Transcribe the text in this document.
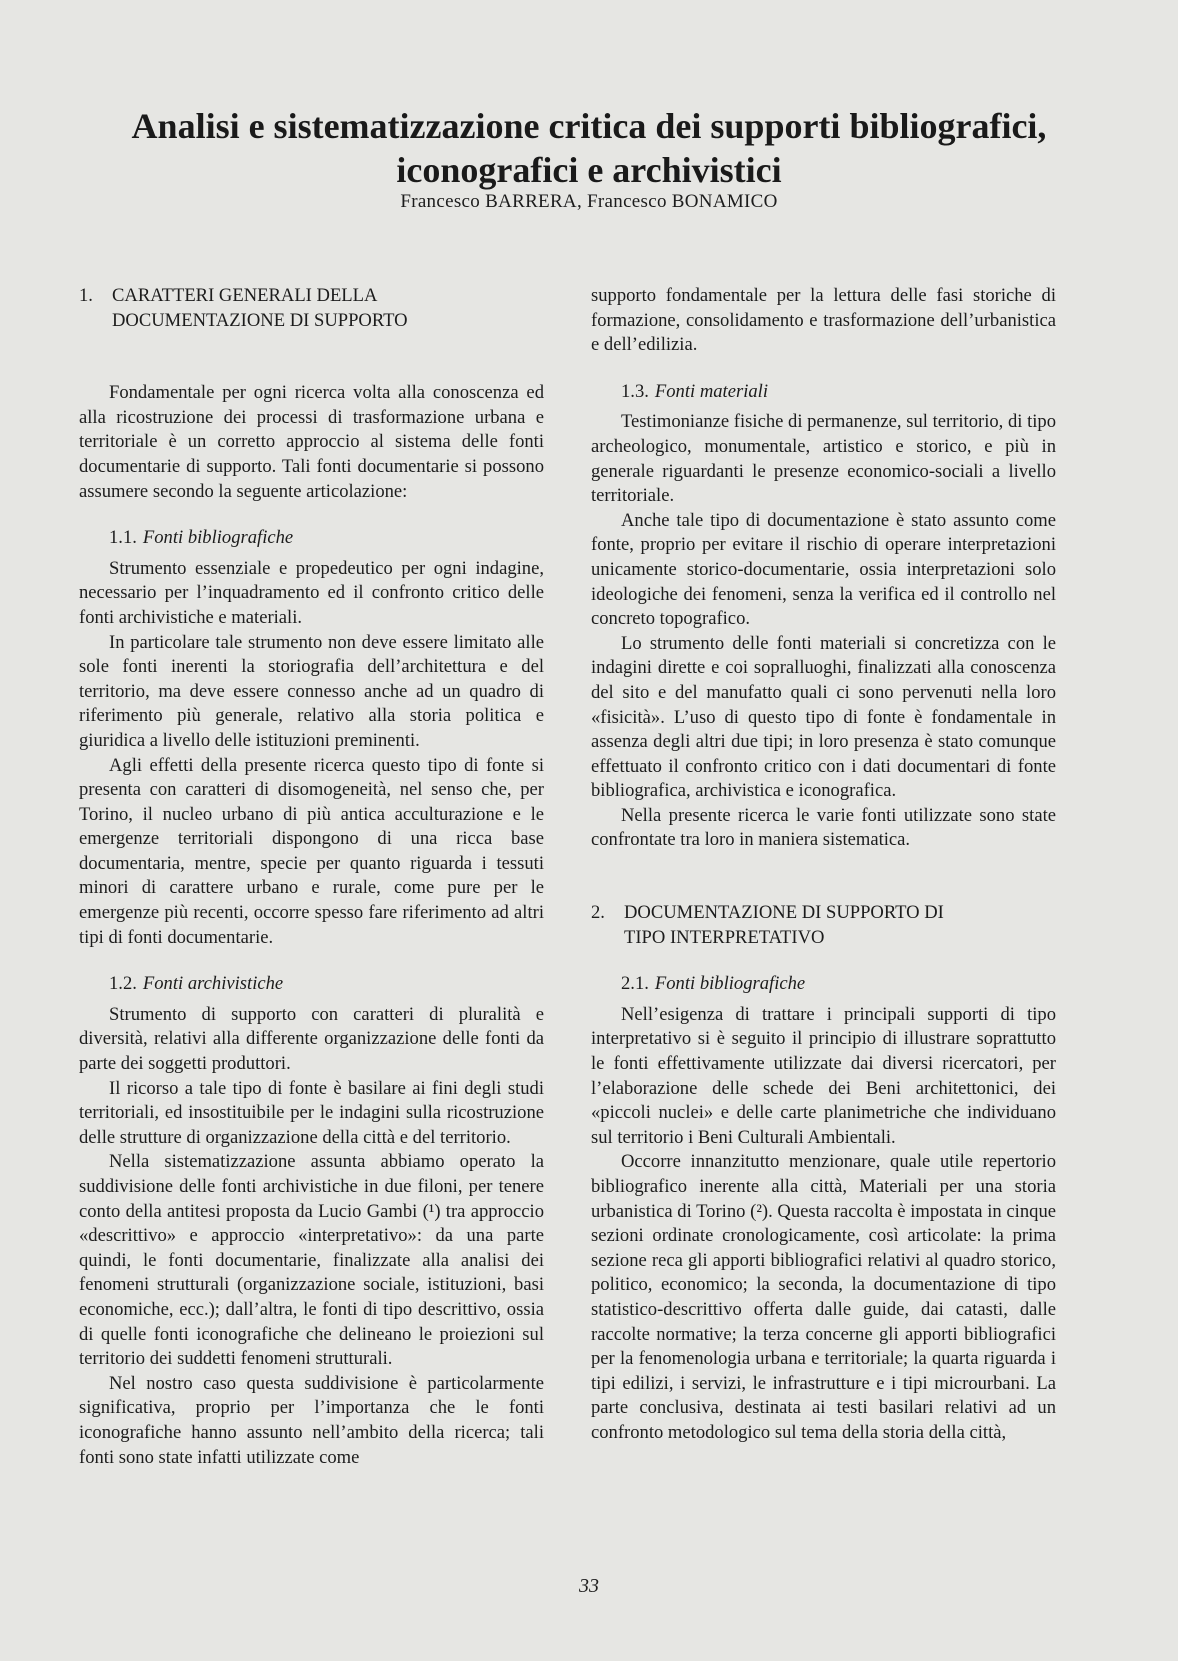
Analisi e sistematizzazione critica dei supporti bibliografici,
iconografici e archivistici

Francesco BARRERA, Francesco BONAMICO

1.	CARATTERI GENERALI DELLA
DOCUMENTAZIONE DI SUPPORTO

Fondamentale per ogni ricerca volta alla conoscenza ed alla ricostruzione dei processi di trasformazione urbana e territoriale è un corretto approccio al sistema delle fonti documentarie di supporto. Tali fonti documentarie si possono assumere secondo la seguente articolazione:

1.1. Fonti bibliografiche

Strumento essenziale e propedeutico per ogni indagine, necessario per l’inquadramento ed il confronto critico delle fonti archivistiche e materiali.

In particolare tale strumento non deve essere limitato alle sole fonti inerenti la storiografia dell’architettura e del territorio, ma deve essere connesso anche ad un quadro di riferimento più generale, relativo alla storia politica e giuridica a livello delle istituzioni preminenti.

Agli effetti della presente ricerca questo tipo di fonte si presenta con caratteri di disomogeneità, nel senso che, per Torino, il nucleo urbano di più antica acculturazione e le emergenze territoriali dispongono di una ricca base documentaria, mentre, specie per quanto riguarda i tessuti minori di carattere urbano e rurale, come pure per le emergenze più recenti, occorre spesso fare riferimento ad altri tipi di fonti documentarie.

1.2. Fonti archivistiche

Strumento di supporto con caratteri di pluralità e diversità, relativi alla differente organizzazione delle fonti da parte dei soggetti produttori.

Il ricorso a tale tipo di fonte è basilare ai fini degli studi territoriali, ed insostituibile per le indagini sulla ricostruzione delle strutture di organizzazione della città e del territorio.

Nella sistematizzazione assunta abbiamo operato la suddivisione delle fonti archivistiche in due filoni, per tenere conto della antitesi proposta da Lucio Gambi (¹) tra approccio «descrittivo» e approccio «interpretativo»: da una parte quindi, le fonti documentarie, finalizzate alla analisi dei fenomeni strutturali (organizzazione sociale, istituzioni, basi economiche, ecc.); dall’altra, le fonti di tipo descrittivo, ossia di quelle fonti iconografiche che delineano le proiezioni sul territorio dei suddetti fenomeni strutturali.

Nel nostro caso questa suddivisione è particolarmente significativa, proprio per l’importanza che le fonti iconografiche hanno assunto nell’ambito della ricerca; tali fonti sono state infatti utilizzate come

supporto fondamentale per la lettura delle fasi storiche di formazione, consolidamento e trasformazione dell’urbanistica e dell’edilizia.

1.3. Fonti materiali

Testimonianze fisiche di permanenze, sul territorio, di tipo archeologico, monumentale, artistico e storico, e più in generale riguardanti le presenze economico-sociali a livello territoriale.

Anche tale tipo di documentazione è stato assunto come fonte, proprio per evitare il rischio di operare interpretazioni unicamente storico-documentarie, ossia interpretazioni solo ideologiche dei fenomeni, senza la verifica ed il controllo nel concreto topografico.

Lo strumento delle fonti materiali si concretizza con le indagini dirette e coi sopralluoghi, finalizzati alla conoscenza del sito e del manufatto quali ci sono pervenuti nella loro «fisicità». L’uso di questo tipo di fonte è fondamentale in assenza degli altri due tipi; in loro presenza è stato comunque effettuato il confronto critico con i dati documentari di fonte bibliografica, archivistica e iconografica.

Nella presente ricerca le varie fonti utilizzate sono state confrontate tra loro in maniera sistematica.

2.	DOCUMENTAZIONE DI SUPPORTO DI
TIPO INTERPRETATIVO

2.1. Fonti bibliografiche

Nell’esigenza di trattare i principali supporti di tipo interpretativo si è seguito il principio di illustrare soprattutto le fonti effettivamente utilizzate dai diversi ricercatori, per l’elaborazione delle schede dei Beni architettonici, dei «piccoli nuclei» e delle carte planimetriche che individuano sul territorio i Beni Culturali Ambientali.

Occorre innanzitutto menzionare, quale utile repertorio bibliografico inerente alla città, Materiali per una storia urbanistica di Torino (²). Questa raccolta è impostata in cinque sezioni ordinate cronologicamente, così articolate: la prima sezione reca gli apporti bibliografici relativi al quadro storico, politico, economico; la seconda, la documentazione di tipo statistico-descrittivo offerta dalle guide, dai catasti, dalle raccolte normative; la terza concerne gli apporti bibliografici per la fenomenologia urbana e territoriale; la quarta riguarda i tipi edilizi, i servizi, le infrastrutture e i tipi microurbani. La parte conclusiva, destinata ai testi basilari relativi ad un confronto metodologico sul tema della storia della città,

33
